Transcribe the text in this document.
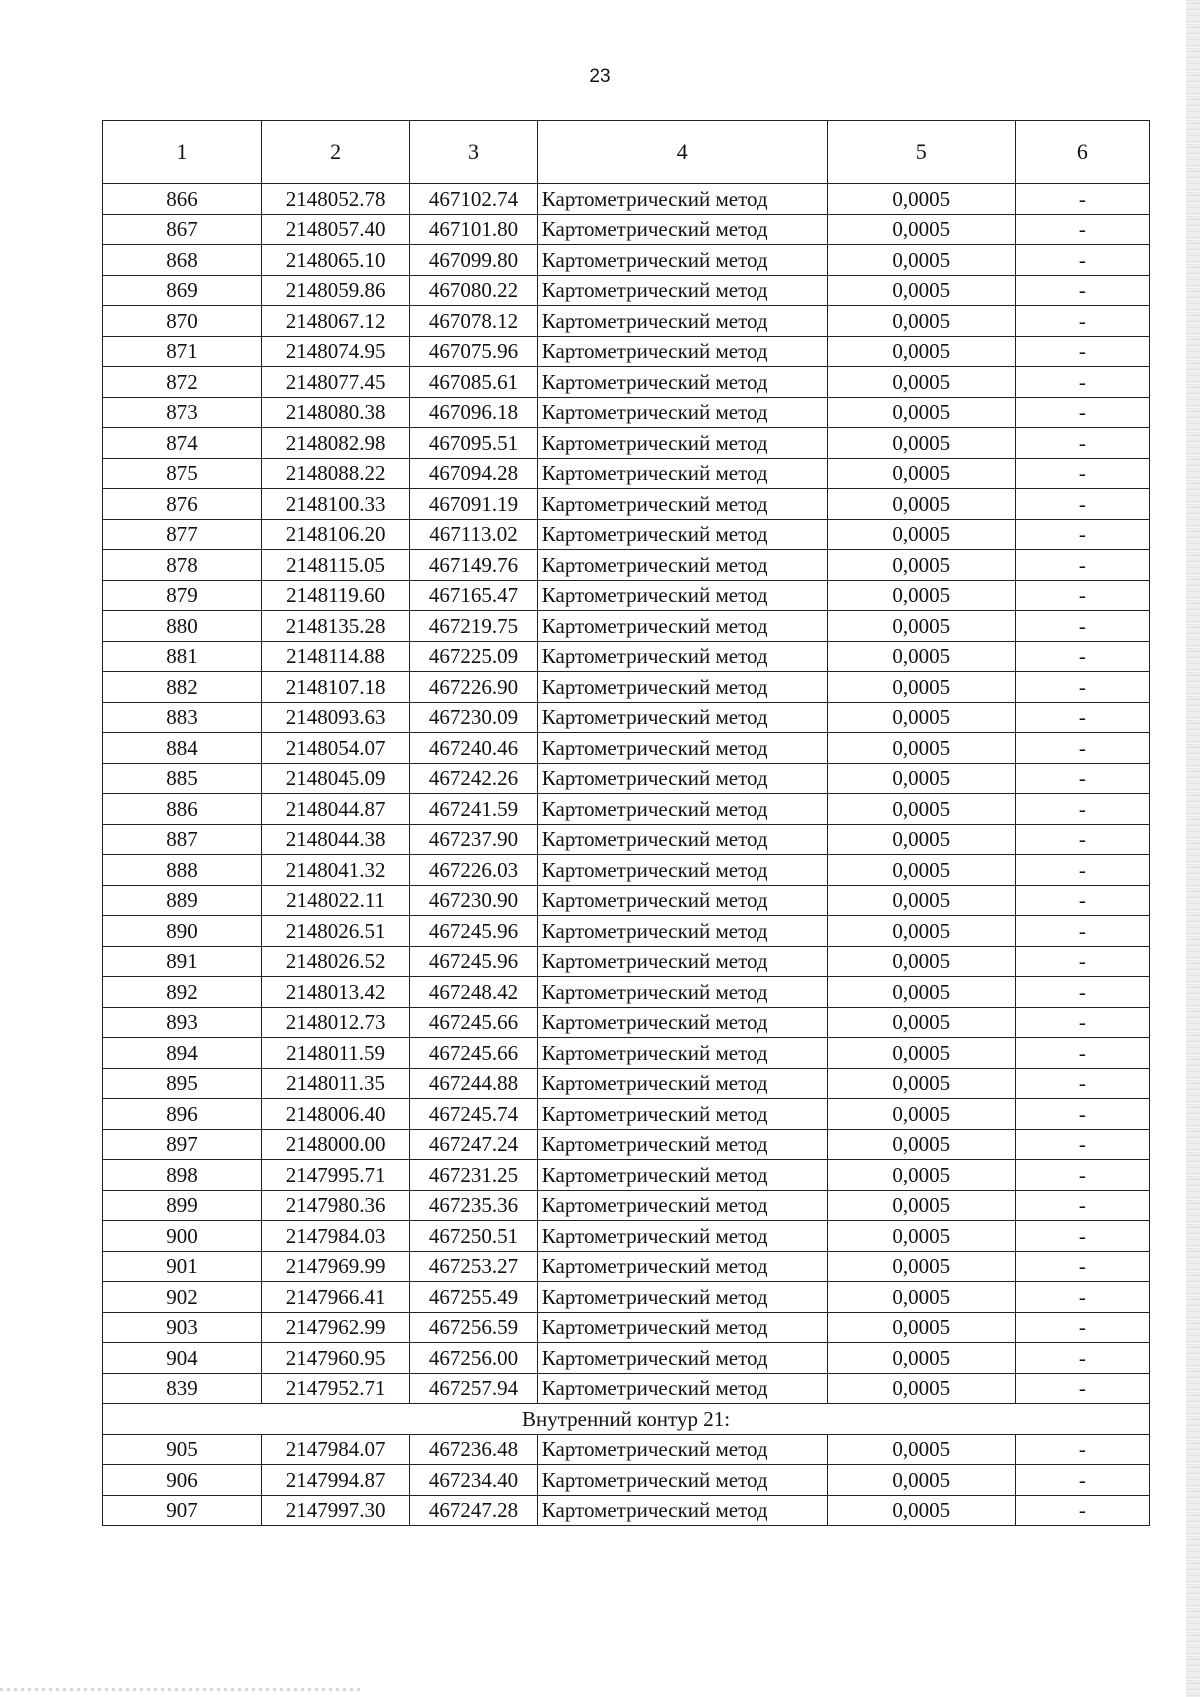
23
1	2	3	4	5	6
866	2148052.78	467102.74	Картометрический метод	0,0005	-
867	2148057.40	467101.80	Картометрический метод	0,0005	-
868	2148065.10	467099.80	Картометрический метод	0,0005	-
869	2148059.86	467080.22	Картометрический метод	0,0005	-
870	2148067.12	467078.12	Картометрический метод	0,0005	-
871	2148074.95	467075.96	Картометрический метод	0,0005	-
872	2148077.45	467085.61	Картометрический метод	0,0005	-
873	2148080.38	467096.18	Картометрический метод	0,0005	-
874	2148082.98	467095.51	Картометрический метод	0,0005	-
875	2148088.22	467094.28	Картометрический метод	0,0005	-
876	2148100.33	467091.19	Картометрический метод	0,0005	-
877	2148106.20	467113.02	Картометрический метод	0,0005	-
878	2148115.05	467149.76	Картометрический метод	0,0005	-
879	2148119.60	467165.47	Картометрический метод	0,0005	-
880	2148135.28	467219.75	Картометрический метод	0,0005	-
881	2148114.88	467225.09	Картометрический метод	0,0005	-
882	2148107.18	467226.90	Картометрический метод	0,0005	-
883	2148093.63	467230.09	Картометрический метод	0,0005	-
884	2148054.07	467240.46	Картометрический метод	0,0005	-
885	2148045.09	467242.26	Картометрический метод	0,0005	-
886	2148044.87	467241.59	Картометрический метод	0,0005	-
887	2148044.38	467237.90	Картометрический метод	0,0005	-
888	2148041.32	467226.03	Картометрический метод	0,0005	-
889	2148022.11	467230.90	Картометрический метод	0,0005	-
890	2148026.51	467245.96	Картометрический метод	0,0005	-
891	2148026.52	467245.96	Картометрический метод	0,0005	-
892	2148013.42	467248.42	Картометрический метод	0,0005	-
893	2148012.73	467245.66	Картометрический метод	0,0005	-
894	2148011.59	467245.66	Картометрический метод	0,0005	-
895	2148011.35	467244.88	Картометрический метод	0,0005	-
896	2148006.40	467245.74	Картометрический метод	0,0005	-
897	2148000.00	467247.24	Картометрический метод	0,0005	-
898	2147995.71	467231.25	Картометрический метод	0,0005	-
899	2147980.36	467235.36	Картометрический метод	0,0005	-
900	2147984.03	467250.51	Картометрический метод	0,0005	-
901	2147969.99	467253.27	Картометрический метод	0,0005	-
902	2147966.41	467255.49	Картометрический метод	0,0005	-
903	2147962.99	467256.59	Картометрический метод	0,0005	-
904	2147960.95	467256.00	Картометрический метод	0,0005	-
839	2147952.71	467257.94	Картометрический метод	0,0005	-
Внутренний контур 21:					
905	2147984.07	467236.48	Картометрический метод	0,0005	-
906	2147994.87	467234.40	Картометрический метод	0,0005	-
907	2147997.30	467247.28	Картометрический метод	0,0005	-
